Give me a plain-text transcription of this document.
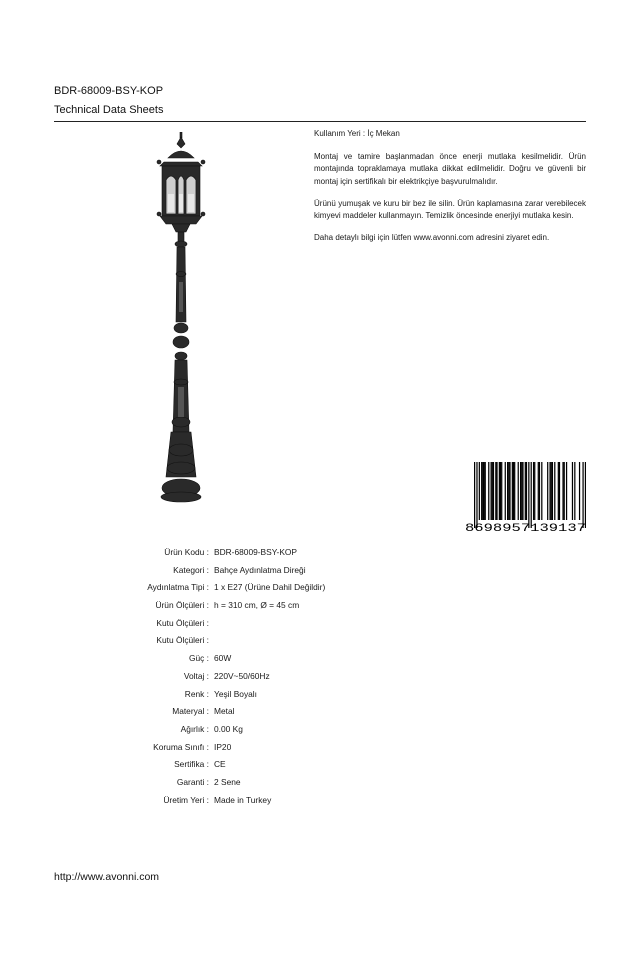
BDR-68009-BSY-KOP
Technical Data Sheets

Kullanım Yeri : İç Mekan

Montaj ve tamire başlanmadan önce enerji mutlaka kesilmelidir. Ürün montajında topraklamaya mutlaka dikkat edilmelidir. Doğru ve güvenli bir montaj için sertifikalı bir elektrikçiye başvurulmalıdır.

Ürünü yumuşak ve kuru bir bez ile silin. Ürün kaplamasına zarar verebilecek kimyevi maddeler kullanmayın. Temizlik öncesinde enerjiyi mutlaka kesin.

Daha detaylı bilgi için lütfen www.avonni.com adresini ziyaret edin.

8698957139137
Ürün Kodu : BDR-68009-BSY-KOP
Kategori : Bahçe Aydınlatma Direği
Aydınlatma Tipi : 1 x E27 (Ürüne Dahil Değildir)
Ürün Ölçüleri : h = 310 cm, Ø = 45 cm
Kutu Ölçüleri :
Kutu Ölçüleri :
Güç : 60W
Voltaj : 220V~50/60Hz
Renk : Yeşil Boyalı
Materyal : Metal
Ağırlık : 0.00 Kg
Koruma Sınıfı : IP20
Sertifika : CE
Garanti : 2 Sene
Üretim Yeri : Made in Turkey
http://www.avonni.com
